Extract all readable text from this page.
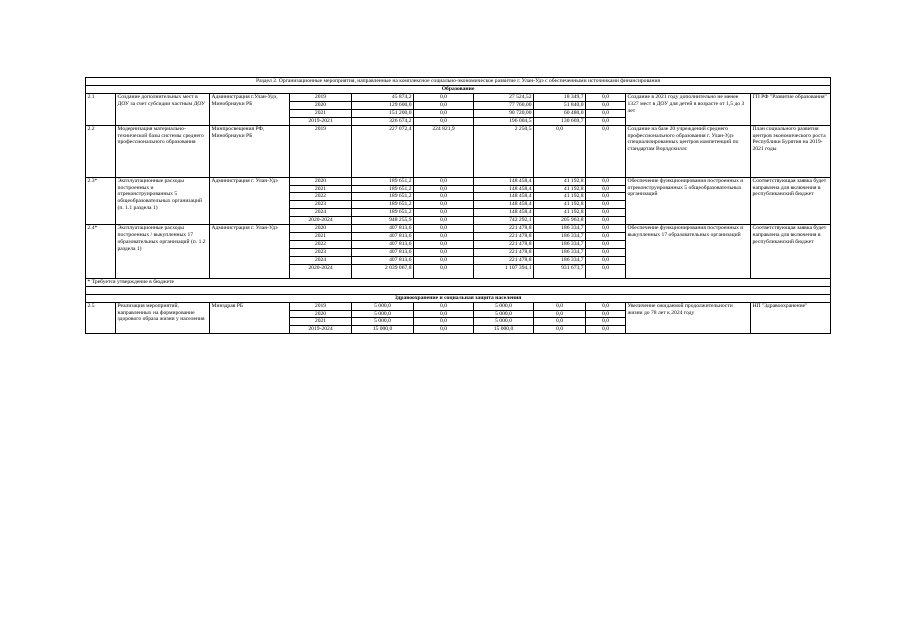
Раздел 2. Организационные мероприятия, направленные на комплексное социально-экономическое развитие г. Улан-Удэ с обеспеченными источниками финансирования										
Образование										
2.1	Создание дополнительных мест в ДОУ за счет субсидии частным ДОУ	Администрация г.Улан-Удэ, Минобрнауки РБ	2019	45 874,2	0,0	27 524,52	18 349,7	0,0	Создание в 2021 году дополнительно не менее 1327 мест в ДОУ для детей в возрасте от 1,5 до 3 лет	ГП РФ "Развитие образования"
			2020	129 600,0	0,0	77 760,00	51 840,0	0,0		
			2021	151 200,0	0,0	90 720,00	60 480,0	0,0		
			2019-2021	326 674,2	0,0	196 004,5	130 669,7	0,0		
2.2	Модернизация материально-технической базы системы среднего профессионального образования	Минпросвещения РФ, Минобрнауки РБ	2019	227 072,4	224 821,9	2 250,5	0,0	0,0	Создание на базе 20 учреждений среднего профессионального образования г. Улан-Удэ специализированных центров компетенций по стандартам Ворлдскиллс	План социального развития центров экономического роста Республики Бурятия на 2019-2021 годы
2.3*	Эксплуатационные расходы построенных и отреконструированных 5 общеобразовательных организаций (п. 1.1 раздела 1)	Администрация г. Улан-Удэ	2020	189 651,2	0,0	148 458,4	41 192,8	0,0	Обеспечение функционирования построенных и отреконструированных 5 общеобразовательных организаций	Соответствующая заявка будет направлена для включения в республиканский бюджет
			2021	189 651,2	0,0	148 458,4	41 192,8	0,0		
			2022	189 651,2	0,0	148 458,4	41 192,8	0,0		
			2023	189 651,2	0,0	148 458,4	41 192,8	0,0		
			2024	189 651,2	0,0	148 458,4	41 192,8	0,0		
			2020-2024	948 255,9	0,0	742 292,1	205 963,8	0,0		
2.4*	Эксплуатационные расходы построенных / выкупленных 17 образовательных организаций (п. 1.2 раздела 1)	Администрация г. Улан-Удэ	2020	407 813,6	0,0	221 478,8	186 334,7	0,0	Обеспечение функционирования построенных и выкупленных 17 образовательных организаций	Соответствующая заявка будет направлена для включения в республиканский бюджет
			2021	407 813,6	0,0	221 478,8	186 334,7	0,0		
			2022	407 813,6	0,0	221 478,8	186 334,7	0,0		
			2023	407 813,6	0,0	221 478,8	186 334,7	0,0		
			2024	407 813,6	0,0	221 478,8	186 334,7	0,0		
			2020-2024	2 039 067,8	0,0	1 107 394,1	931 673,7	0,0		
* Требуется утверждение в бюджете										

Здравоохранение и социальная защита населения										
2.5	Реализация мероприятий, направленных на формирование здорового образа жизни у населения	Минздрав РБ	2019	5 000,0	0,0	5 000,0	0,0	0,0	Увеличение ожидаемой продолжительности жизни до 78 лет к 2024 году	НП "Здравоохранение"
			2020	5 000,0	0,0	5 000,0	0,0	0,0		
			2021	5 000,0	0,0	5 000,0	0,0	0,0		
			2019-2024	15 000,0	0,0	15 000,0	0,0	0,0		
